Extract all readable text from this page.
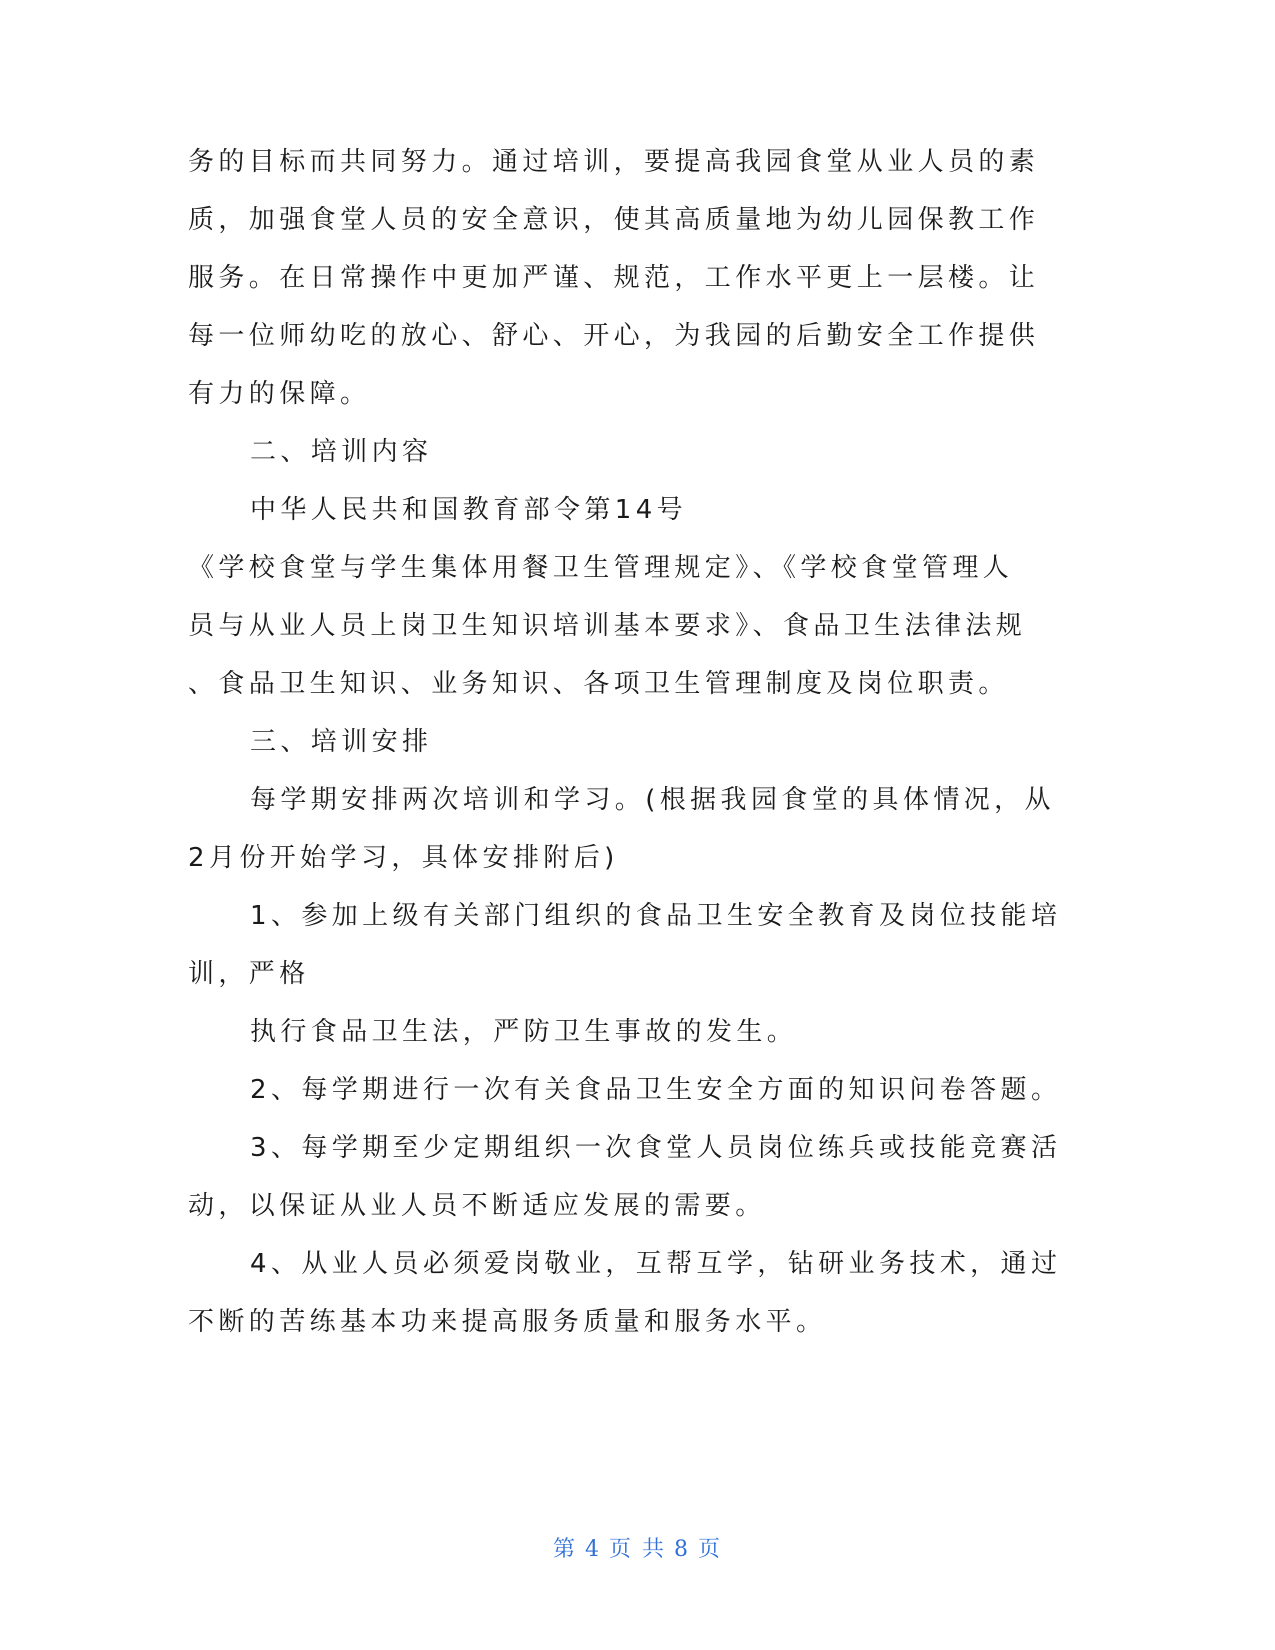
务的目标而共同努力。通过培训，要提高我园食堂从业人员的素
质，加强食堂人员的安全意识，使其高质量地为幼儿园保教工作
服务。在日常操作中更加严谨、规范，工作水平更上一层楼。让
每一位师幼吃的放心、舒心、开心，为我园的后勤安全工作提供
有力的保障。
二、培训内容
中华人民共和国教育部令第14号
《学校食堂与学生集体用餐卫生管理规定》、《学校食堂管理人
员与从业人员上岗卫生知识培训基本要求》、食品卫生法律法规
、食品卫生知识、业务知识、各项卫生管理制度及岗位职责。
三、培训安排
每学期安排两次培训和学习。(根据我园食堂的具体情况，从
2月份开始学习，具体安排附后)
1、参加上级有关部门组织的食品卫生安全教育及岗位技能培
训，严格
执行食品卫生法，严防卫生事故的发生。
2、每学期进行一次有关食品卫生安全方面的知识问卷答题。
3、每学期至少定期组织一次食堂人员岗位练兵或技能竞赛活
动，以保证从业人员不断适应发展的需要。
4、从业人员必须爱岗敬业，互帮互学，钻研业务技术，通过
不断的苦练基本功来提高服务质量和服务水平。
第 4 页 共 8 页
